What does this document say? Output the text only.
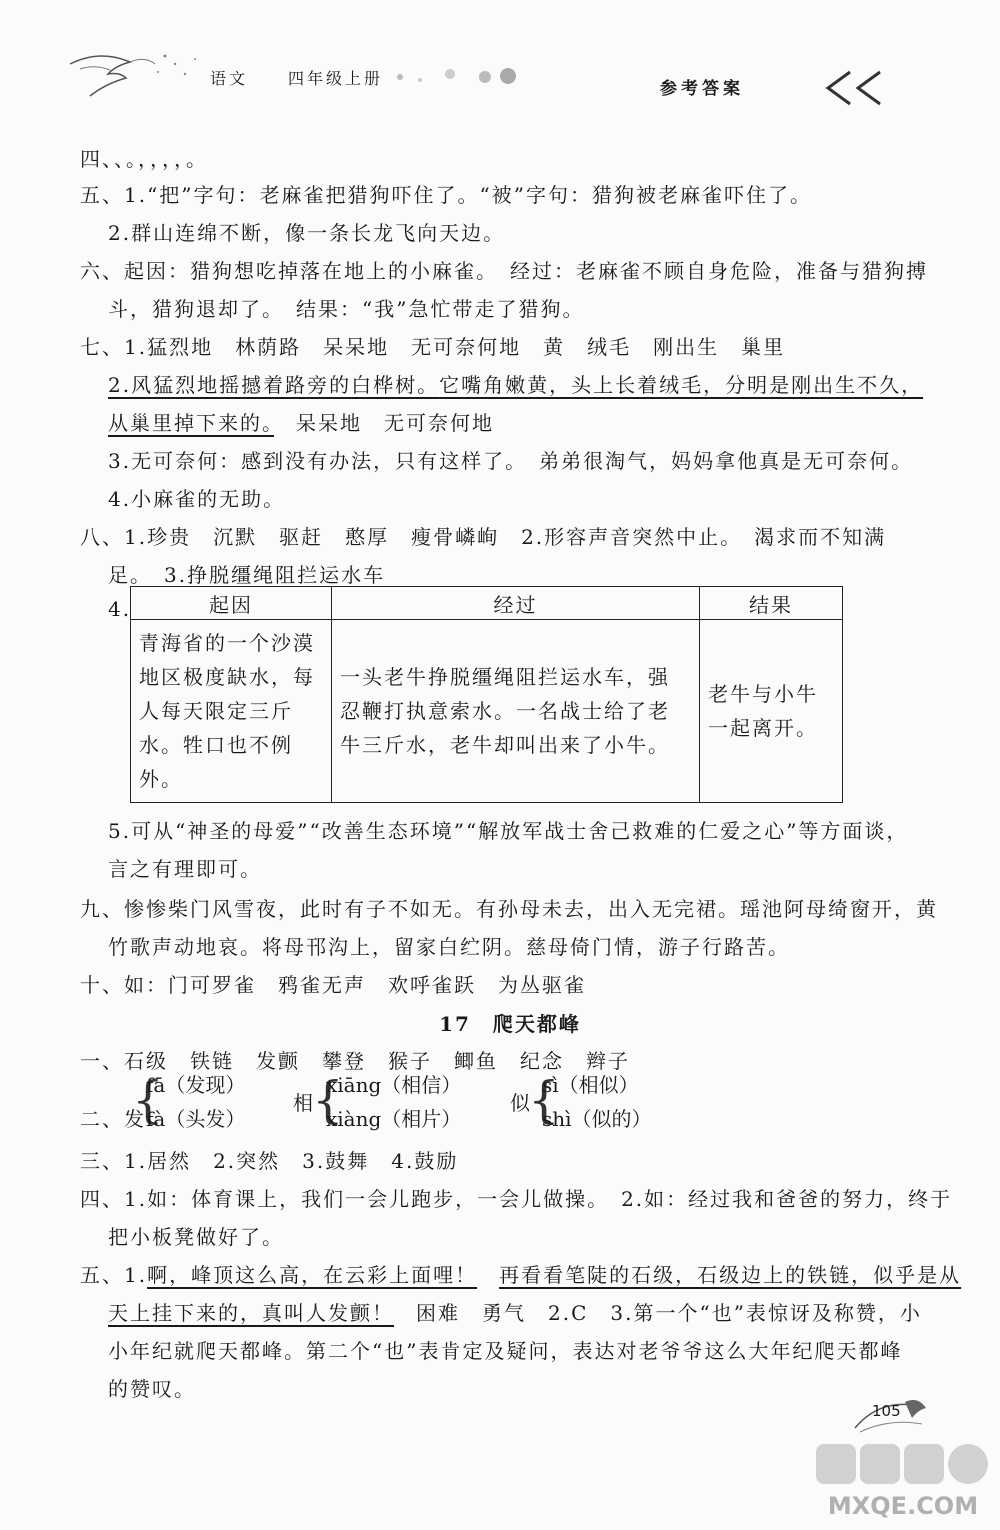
语文 四年级上册
参考答案
四、、。，，，，。
五、1.“把”字句：老麻雀把猎狗吓住了。“被”字句：猎狗被老麻雀吓住了。
2.群山连绵不断，像一条长龙飞向天边。
六、起因：猎狗想吃掉落在地上的小麻雀。　经过：老麻雀不顾自身危险，准备与猎狗搏
斗，猎狗退却了。　结果：“我”急忙带走了猎狗。
七、1.猛烈地　林荫路　呆呆地　无可奈何地　黄　绒毛　刚出生　巢里
2.风猛烈地摇撼着路旁的白桦树。它嘴角嫩黄，头上长着绒毛，分明是刚出生不久，
从巢里掉下来的。　呆呆地　无可奈何地
3.无可奈何：感到没有办法，只有这样了。　弟弟很淘气，妈妈拿他真是无可奈何。
4.小麻雀的无助。
八、1.珍贵　沉默　驱赶　憨厚　瘦骨嶙峋　2.形容声音突然中止。　渴求而不知满
足。　3.挣脱缰绳阻拦运水车
4.	起因	经过	结果
青海省的一个沙漠地区极度缺水，每人每天限定三斤水。牲口也不例外。	一头老牛挣脱缰绳阻拦运水车，强忍鞭打执意索水。一名战士给了老牛三斤水，老牛却叫出来了小牛。	老牛与小牛一起离开。
5.可从“神圣的母爱”“改善生态环境”“解放军战士舍己救难的仁爱之心”等方面谈，
言之有理即可。
九、惨惨柴门风雪夜，此时有子不如无。有孙母未去，出入无完裙。瑶池阿母绮窗开，黄
竹歌声动地哀。将母邗沟上，留家白纻阴。慈母倚门情，游子行路苦。
十、如：门可罗雀　鸦雀无声　欢呼雀跃　为丛驱雀
17　爬天都峰
一、石级　铁链　发颤　攀登　猴子　鲫鱼　纪念　辫子
二、发
{
fā（发现）
fà（头发）
相 {
xiāng（相信）
xiàng（相片）
似
{
sì（相似）
shì（似的）
三、1.居然　2.突然　3.鼓舞　4.鼓励
四、1.如：体育课上，我们一会儿跑步，一会儿做操。　2.如：经过我和爸爸的努力，终于
把小板凳做好了。
五、1.啊，峰顶这么高，在云彩上面哩！　 再看看笔陡的石级，石级边上的铁链，似乎是从
天上挂下来的，真叫人发颤！　困难　勇气　2.C　3.第一个“也”表惊讶及称赞，小
小年纪就爬天都峰。第二个“也”表肯定及疑问，表达对老爷爷这么大年纪爬天都峰
的赞叹。
105
MXQE.COM
